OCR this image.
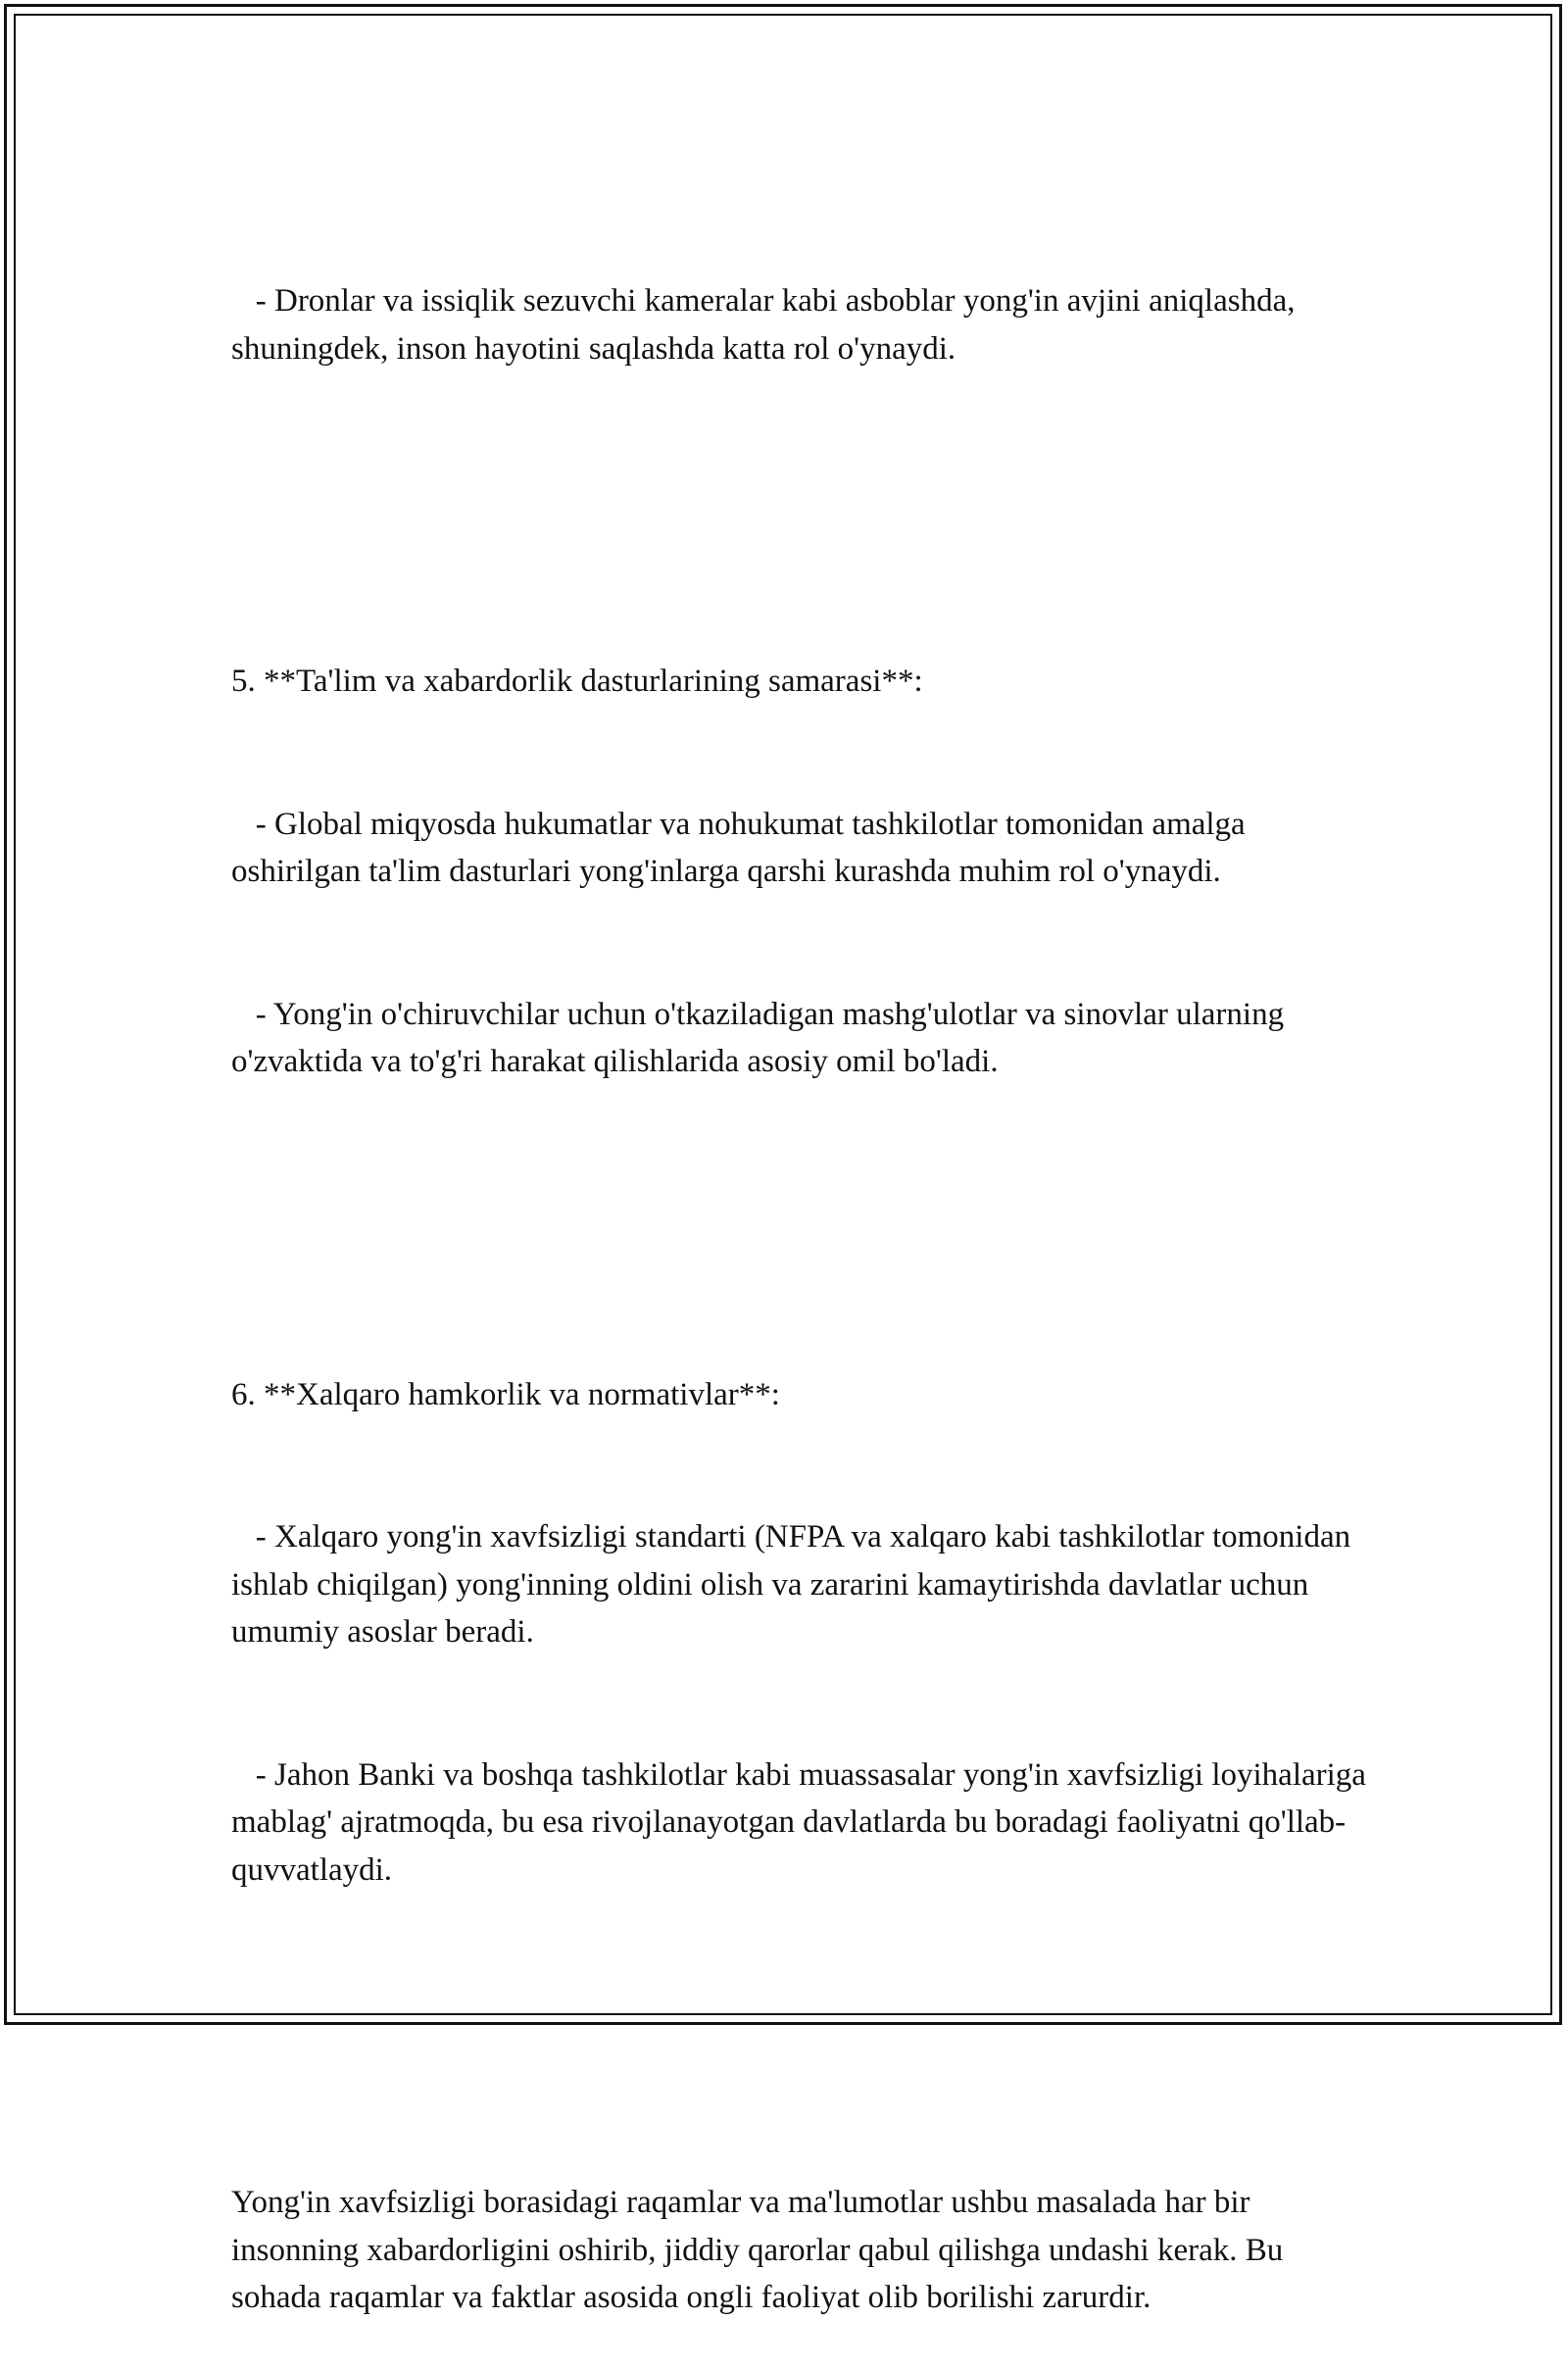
- Dronlar va issiqlik sezuvchi kameralar kabi asboblar yong'in avjini aniqlashda, shuningdek, inson hayotini saqlashda katta rol o'ynaydi.

5. **Ta'lim va xabardorlik dasturlarining samarasi**:

- Global miqyosda hukumatlar va nohukumat tashkilotlar tomonidan amalga oshirilgan ta'lim dasturlari yong'inlarga qarshi kurashda muhim rol o'ynaydi.

- Yong'in o'chiruvchilar uchun o'tkaziladigan mashg'ulotlar va sinovlar ularning o'zvaktida va to'g'ri harakat qilishlarida asosiy omil bo'ladi.

6. **Xalqaro hamkorlik va normativlar**:

- Xalqaro yong'in xavfsizligi standarti (NFPA va xalqaro kabi tashkilotlar tomonidan ishlab chiqilgan) yong'inning oldini olish va zararini kamaytirishda davlatlar uchun umumiy asoslar beradi.

- Jahon Banki va boshqa tashkilotlar kabi muassasalar yong'in xavfsizligi loyihalariga mablag' ajratmoqda, bu esa rivojlanayotgan davlatlarda bu boradagi faoliyatni qo'llab-quvvatlaydi.

Yong'in xavfsizligi borasidagi raqamlar va ma'lumotlar ushbu masalada har bir insonning xabardorligini oshirib, jiddiy qarorlar qabul qilishga undashi kerak. Bu sohada raqamlar va faktlar asosida ongli faoliyat olib borilishi zarurdir.
